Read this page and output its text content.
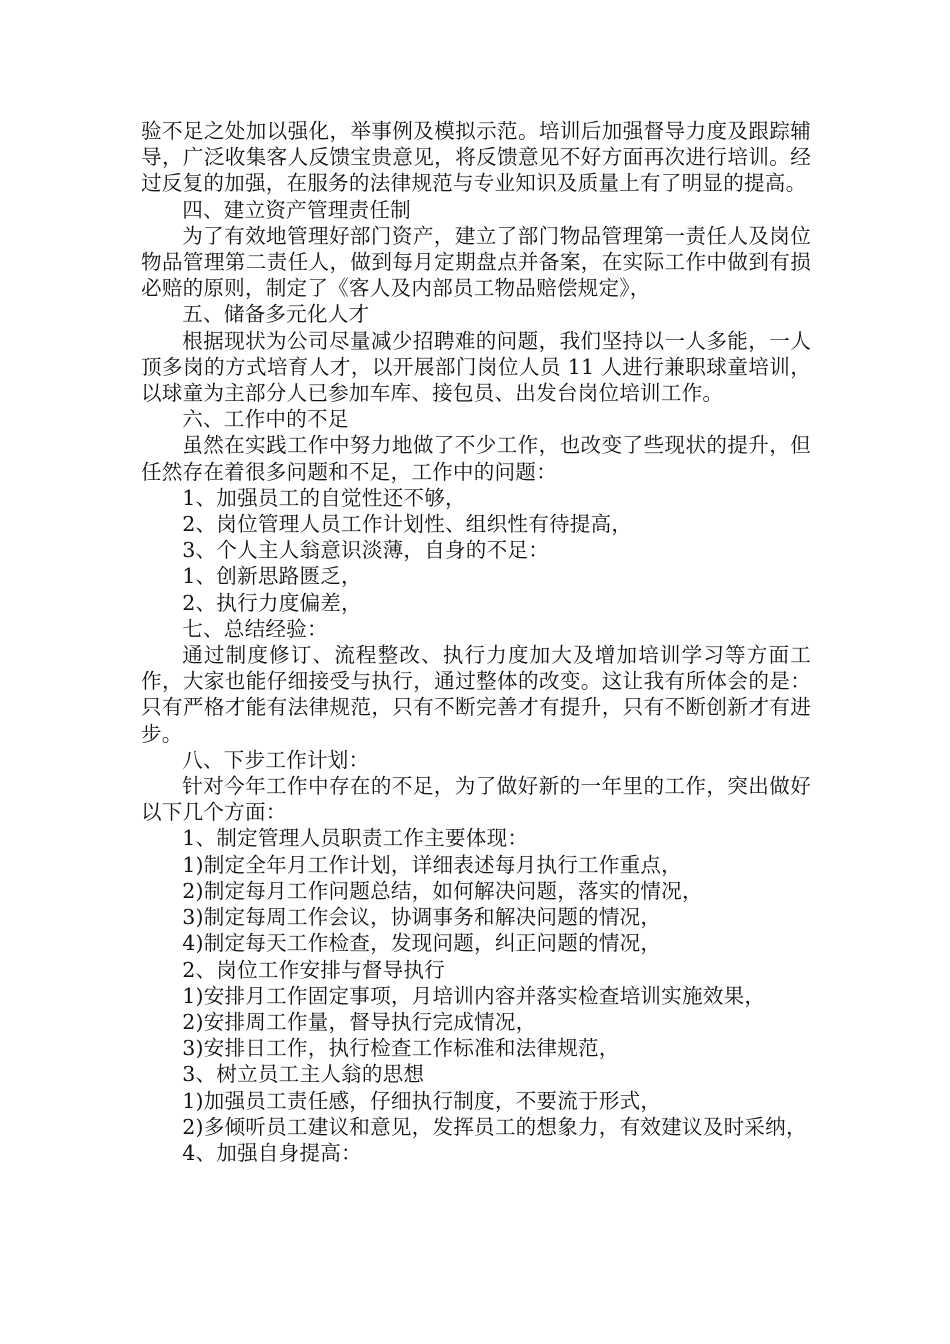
验不足之处加以强化，举事例及模拟示范。培训后加强督导力度及跟踪辅导，广泛收集客人反馈宝贵意见，将反馈意见不好方面再次进行培训。经过反复的加强，在服务的法律规范与专业知识及质量上有了明显的提高。

四、建立资产管理责任制

为了有效地管理好部门资产，建立了部门物品管理第一责任人及岗位物品管理第二责任人，做到每月定期盘点并备案，在实际工作中做到有损必赔的原则，制定了《客人及内部员工物品赔偿规定》，

五、储备多元化人才

根据现状为公司尽量减少招聘难的问题，我们坚持以一人多能，一人顶多岗的方式培育人才，以开展部门岗位人员 11 人进行兼职球童培训，以球童为主部分人已参加车库、接包员、出发台岗位培训工作。

六、工作中的不足

虽然在实践工作中努力地做了不少工作，也改变了些现状的提升，但任然存在着很多问题和不足，工作中的问题：

1、加强员工的自觉性还不够，

2、岗位管理人员工作计划性、组织性有待提高，

3、个人主人翁意识淡薄，自身的不足：

1、创新思路匮乏，

2、执行力度偏差，

七、总结经验：

通过制度修订、流程整改、执行力度加大及增加培训学习等方面工作，大家也能仔细接受与执行，通过整体的改变。这让我有所体会的是：只有严格才能有法律规范，只有不断完善才有提升，只有不断创新才有进步。

八、下步工作计划：

针对今年工作中存在的不足，为了做好新的一年里的工作，突出做好以下几个方面：

1、制定管理人员职责工作主要体现：

1)制定全年月工作计划，详细表述每月执行工作重点，

2)制定每月工作问题总结，如何解决问题，落实的情况，

3)制定每周工作会议，协调事务和解决问题的情况，

4)制定每天工作检查，发现问题，纠正问题的情况，

2、岗位工作安排与督导执行

1)安排月工作固定事项，月培训内容并落实检查培训实施效果，

2)安排周工作量，督导执行完成情况，

3)安排日工作，执行检查工作标准和法律规范，

3、树立员工主人翁的思想

1)加强员工责任感，仔细执行制度，不要流于形式，

2)多倾听员工建议和意见，发挥员工的想象力，有效建议及时采纳，

4、加强自身提高：
